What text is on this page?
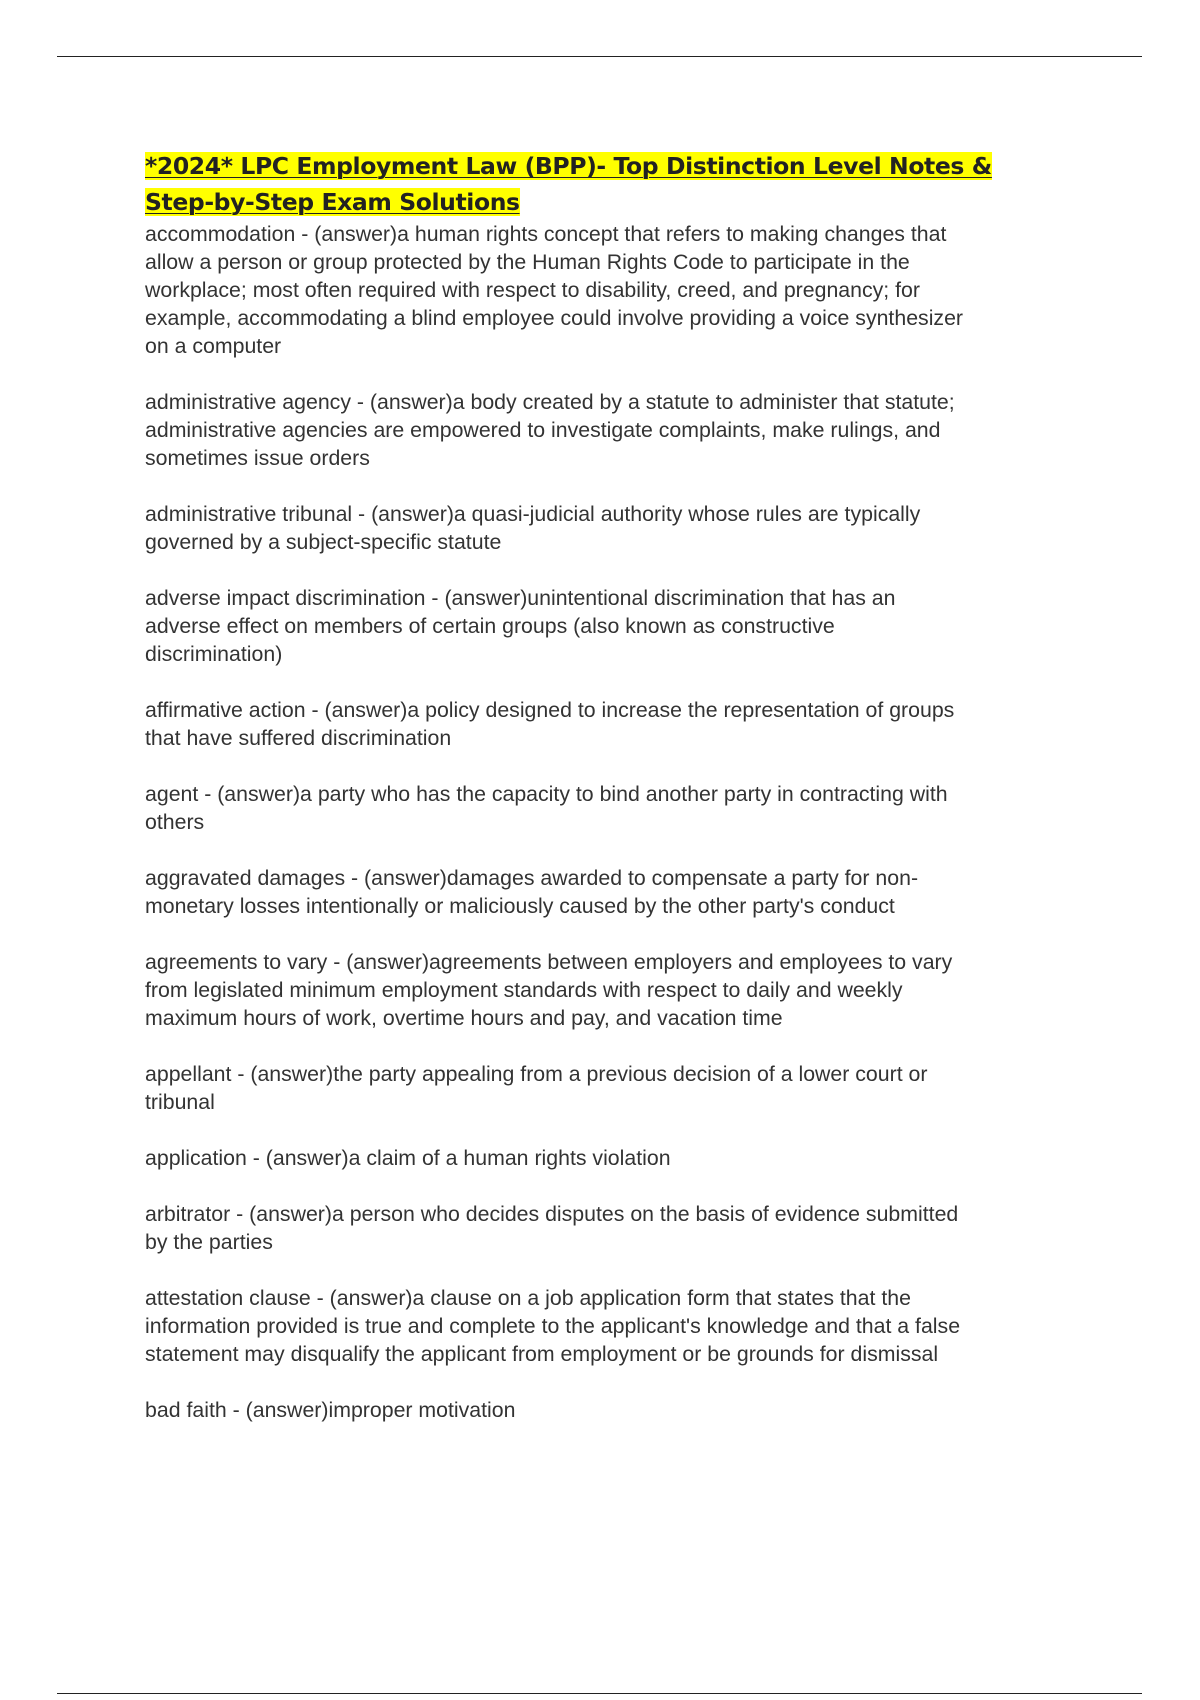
*2024* LPC Employment Law (BPP)- Top Distinction Level Notes &
Step-by-Step Exam Solutions

accommodation - (answer)a human rights concept that refers to making changes that
allow a person or group protected by the Human Rights Code to participate in the
workplace; most often required with respect to disability, creed, and pregnancy; for
example, accommodating a blind employee could involve providing a voice synthesizer
on a computer

administrative agency - (answer)a body created by a statute to administer that statute;
administrative agencies are empowered to investigate complaints, make rulings, and
sometimes issue orders

administrative tribunal - (answer)a quasi-judicial authority whose rules are typically
governed by a subject-specific statute

adverse impact discrimination - (answer)unintentional discrimination that has an
adverse effect on members of certain groups (also known as constructive
discrimination)

affirmative action - (answer)a policy designed to increase the representation of groups
that have suffered discrimination

agent - (answer)a party who has the capacity to bind another party in contracting with
others

aggravated damages - (answer)damages awarded to compensate a party for non-
monetary losses intentionally or maliciously caused by the other party's conduct

agreements to vary - (answer)agreements between employers and employees to vary
from legislated minimum employment standards with respect to daily and weekly
maximum hours of work, overtime hours and pay, and vacation time

appellant - (answer)the party appealing from a previous decision of a lower court or
tribunal

application - (answer)a claim of a human rights violation

arbitrator - (answer)a person who decides disputes on the basis of evidence submitted
by the parties

attestation clause - (answer)a clause on a job application form that states that the
information provided is true and complete to the applicant's knowledge and that a false
statement may disqualify the applicant from employment or be grounds for dismissal

bad faith - (answer)improper motivation
